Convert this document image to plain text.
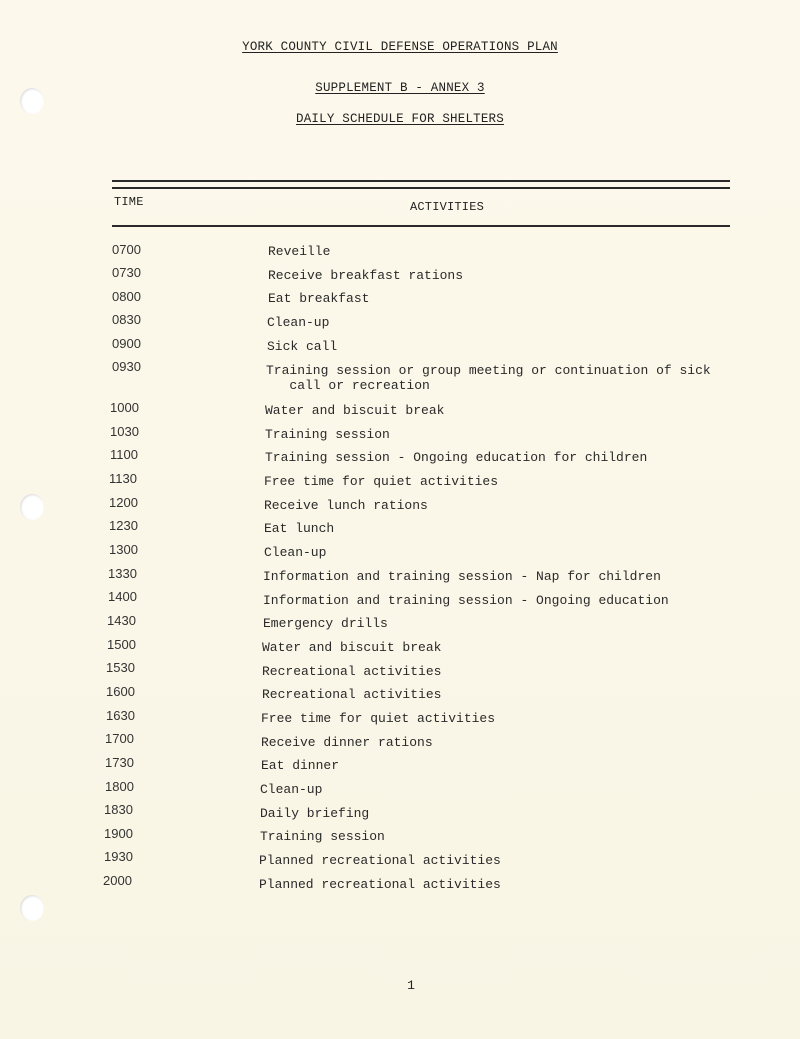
YORK COUNTY CIVIL DEFENSE OPERATIONS PLAN
SUPPLEMENT B - ANNEX 3
DAILY SCHEDULE FOR SHELTERS
TIME	ACTIVITIES
0700	Reveille
0730	Receive breakfast rations
0800	Eat breakfast
0830	Clean-up
0900	Sick call
0930	Training session or group meeting or continuation of sick
call or recreation
1000	Water and biscuit break
1030	Training session
1100	Training session - Ongoing education for children
1130	Free time for quiet activities
1200	Receive lunch rations
1230	Eat lunch
1300	Clean-up
1330	Information and training session - Nap for children
1400	Information and training session - Ongoing education
1430	Emergency drills
1500	Water and biscuit break
1530	Recreational activities
1600	Recreational activities
1630	Free time for quiet activities
1700	Receive dinner rations
1730	Eat dinner
1800	Clean-up
1830	Daily briefing
1900	Training session
1930	Planned recreational activities
2000	Planned recreational activities
1
